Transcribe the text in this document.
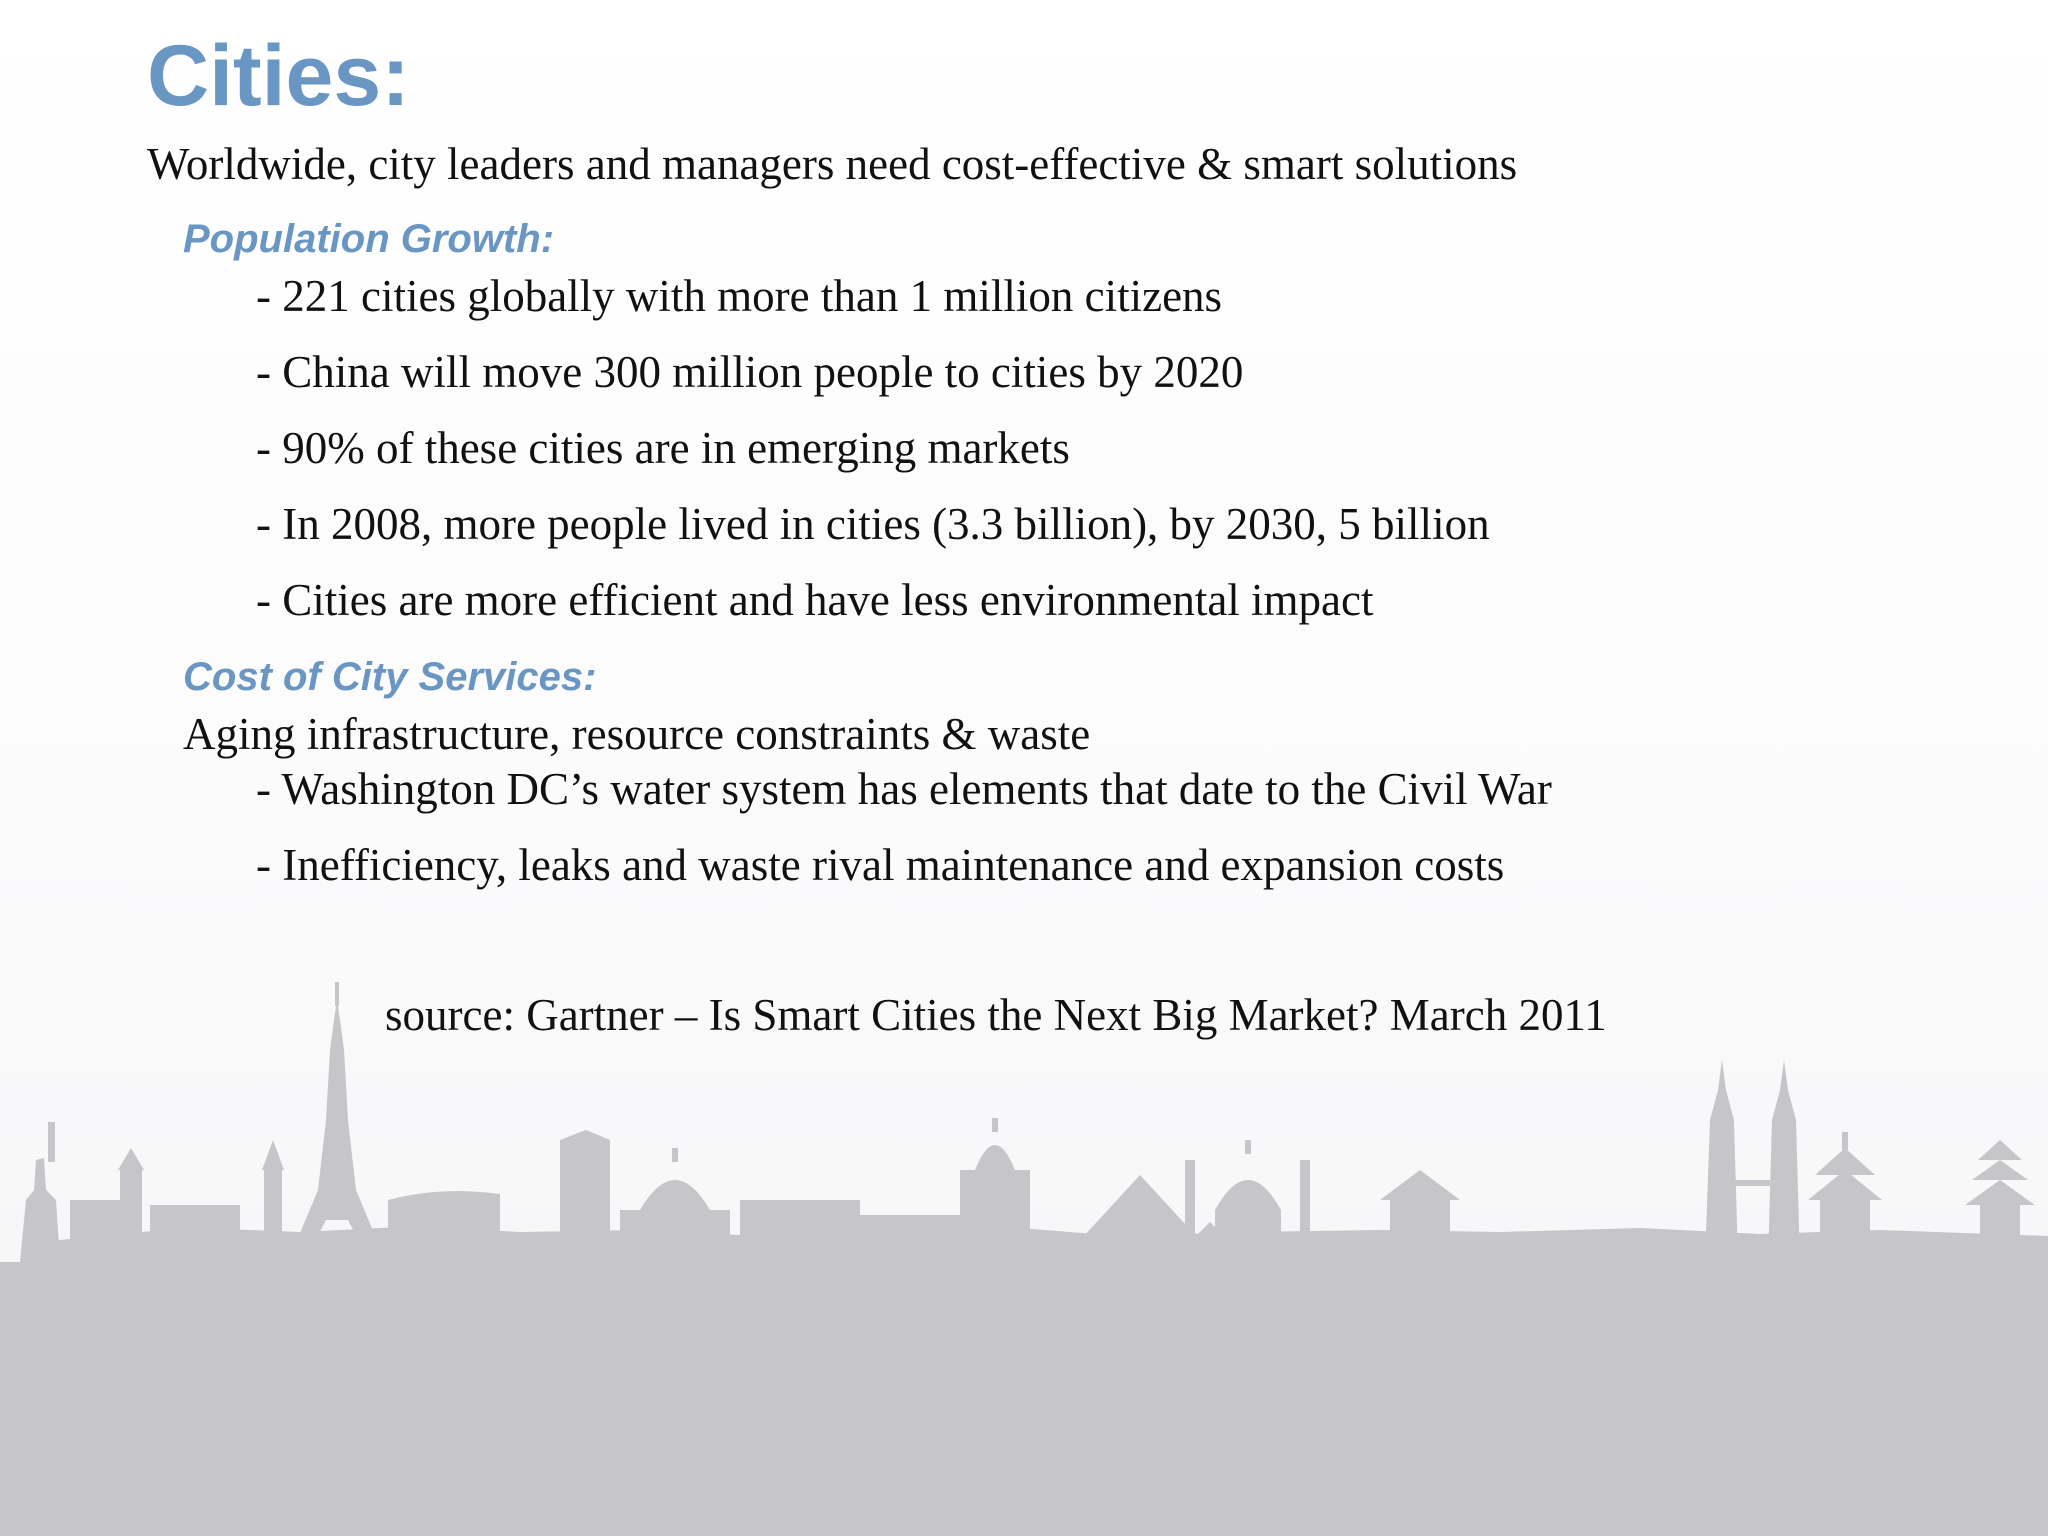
Cities:

Worldwide, city leaders and managers need cost-effective & smart solutions

Population Growth:
- 221 cities globally with more than 1 million citizens
- China will move 300 million people to cities by 2020
- 90% of these cities are in emerging markets
- In 2008, more people lived in cities (3.3 billion), by 2030, 5 billion
- Cities are more efficient and have less environmental impact
Cost of City Services:

Aging infrastructure, resource constraints & waste

- Washington DC’s water system has elements that date to the Civil War
- Inefficiency, leaks and waste rival maintenance and expansion costs

source: Gartner – Is Smart Cities the Next Big Market? March 2011
